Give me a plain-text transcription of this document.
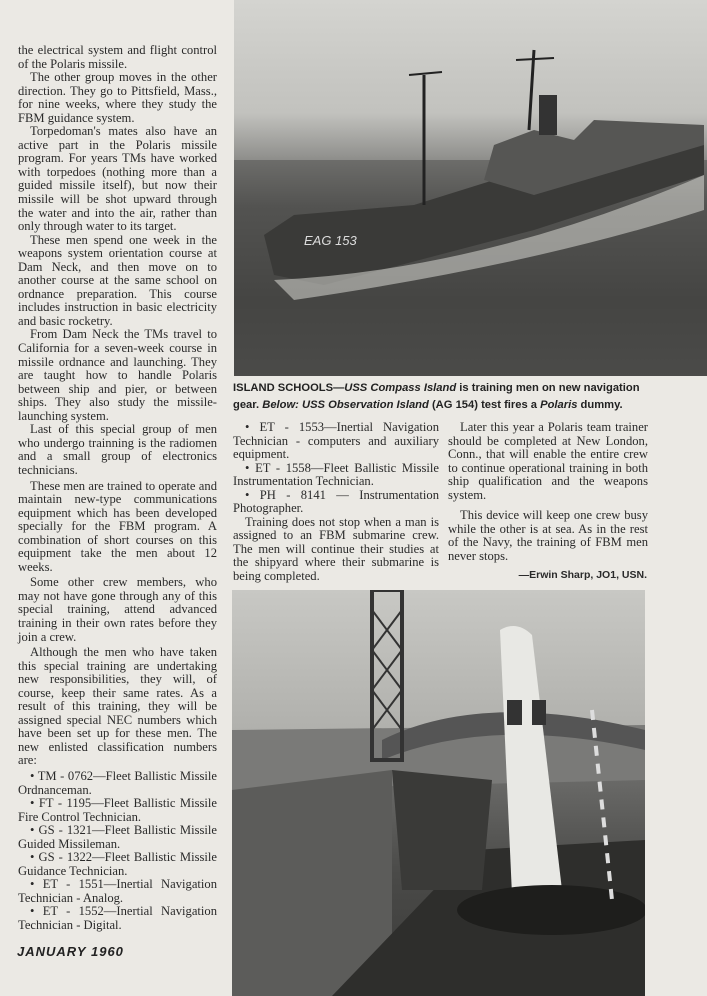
EAG 153
ISLAND SCHOOLS—USS Compass Island is training men on new navigation gear. Below: USS Observation Island (AG 154) test fires a Polaris dummy.

the electrical system and flight control of the Polaris missile.

The other group moves in the other direction. They go to Pittsfield, Mass., for nine weeks, where they study the FBM guidance system.

Torpedoman's mates also have an active part in the Polaris missile program. For years TMs have worked with torpedoes (nothing more than a guided missile itself), but now their missile will be shot upward through the water and into the air, rather than only through water to its target.

These men spend one week in the weapons system orientation course at Dam Neck, and then move on to another course at the same school on ordnance preparation. This course includes instruction in basic electricity and basic rocketry.

From Dam Neck the TMs travel to California for a seven-week course in missile ordnance and launching. They are taught how to handle Polaris between ship and pier, or between ships. They also study the missile-launching system.

Last of this special group of men who undergo trainning is the radiomen and a small group of electronics technicians.

These men are trained to operate and maintain new-type communications equipment which has been developed specially for the FBM program. A combination of short courses on this equipment take the men about 12 weeks.

Some other crew members, who may not have gone through any of this special training, attend advanced training in their own rates before they join a crew.

Although the men who have taken this special training are undertaking new responsibilities, they will, of course, keep their same rates. As a result of this training, they will be assigned special NEC numbers which have been set up for these men. The new enlisted classification numbers are:

• TM - 0762—Fleet Ballistic Missile Ordnanceman.

• FT - 1195—Fleet Ballistic Missile Fire Control Technician.

• GS - 1321—Fleet Ballistic Missile Guided Missileman.

• GS - 1322—Fleet Ballistic Missile Guidance Technician.

• ET - 1551—Inertial Navigation Technician - Analog.

• ET - 1552—Inertial Navigation Technician - Digital.

• ET - 1553—Inertial Navigation Technician - computers and auxiliary equipment.

• ET - 1558—Fleet Ballistic Missile Instrumentation Technician.

• PH - 8141 — Instrumentation Photographer.

Training does not stop when a man is assigned to an FBM submarine crew. The men will continue their studies at the shipyard where their submarine is being completed.

Later this year a Polaris team trainer should be completed at New London, Conn., that will enable the entire crew to continue operational training in both ship qualification and the weapons system.

This device will keep one crew busy while the other is at sea. As in the rest of the Navy, the training of FBM men never stops.

—Erwin Sharp, JO1, USN.
JANUARY 1960
